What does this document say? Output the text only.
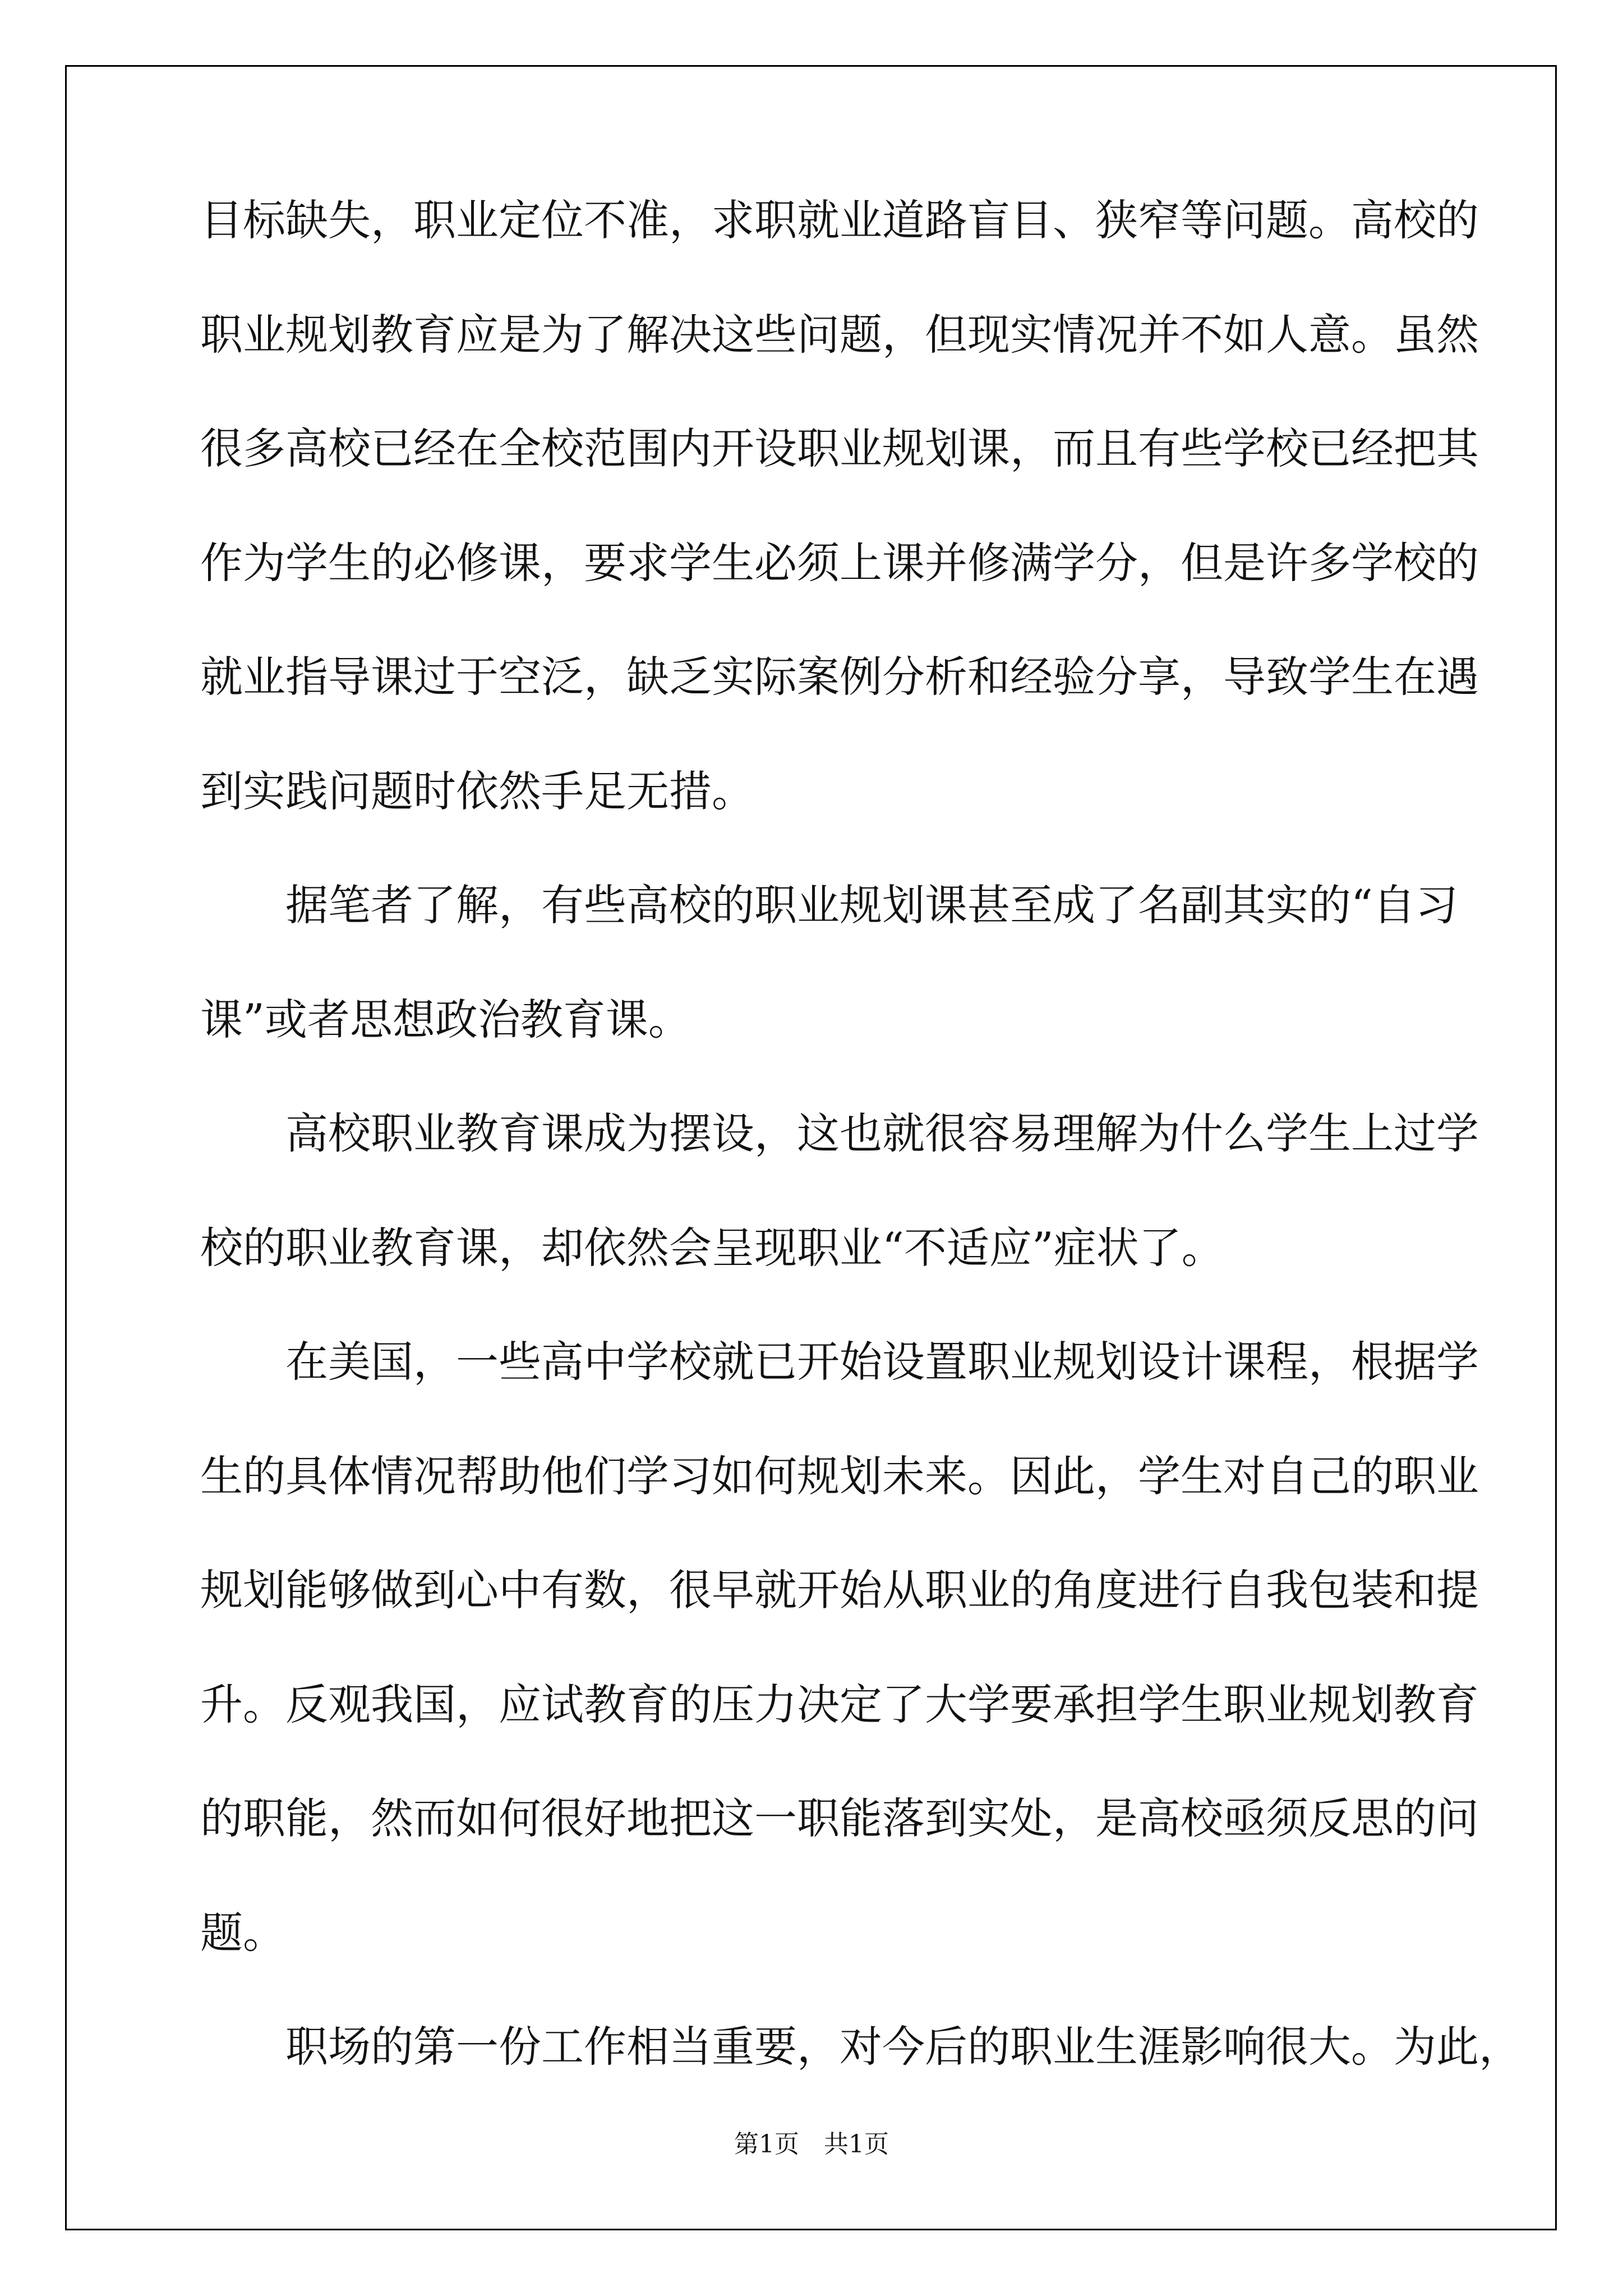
目标缺失，职业定位不准，求职就业道路盲目、狭窄等问题。高校的
职业规划教育应是为了解决这些问题，但现实情况并不如人意。虽然
很多高校已经在全校范围内开设职业规划课，而且有些学校已经把其
作为学生的必修课，要求学生必须上课并修满学分，但是许多学校的
就业指导课过于空泛，缺乏实际案例分析和经验分享，导致学生在遇
到实践问题时依然手足无措。
据笔者了解，有些高校的职业规划课甚至成了名副其实的“自习
课”或者思想政治教育课。
高校职业教育课成为摆设，这也就很容易理解为什么学生上过学
校的职业教育课，却依然会呈现职业“不适应”症状了。
在美国，一些高中学校就已开始设置职业规划设计课程，根据学
生的具体情况帮助他们学习如何规划未来。因此，学生对自己的职业
规划能够做到心中有数，很早就开始从职业的角度进行自我包装和提
升。反观我国，应试教育的压力决定了大学要承担学生职业规划教育
的职能，然而如何很好地把这一职能落到实处，是高校亟须反思的问
题。
职场的第一份工作相当重要，对今后的职业生涯影响很大。为此，
第1页　共1页
